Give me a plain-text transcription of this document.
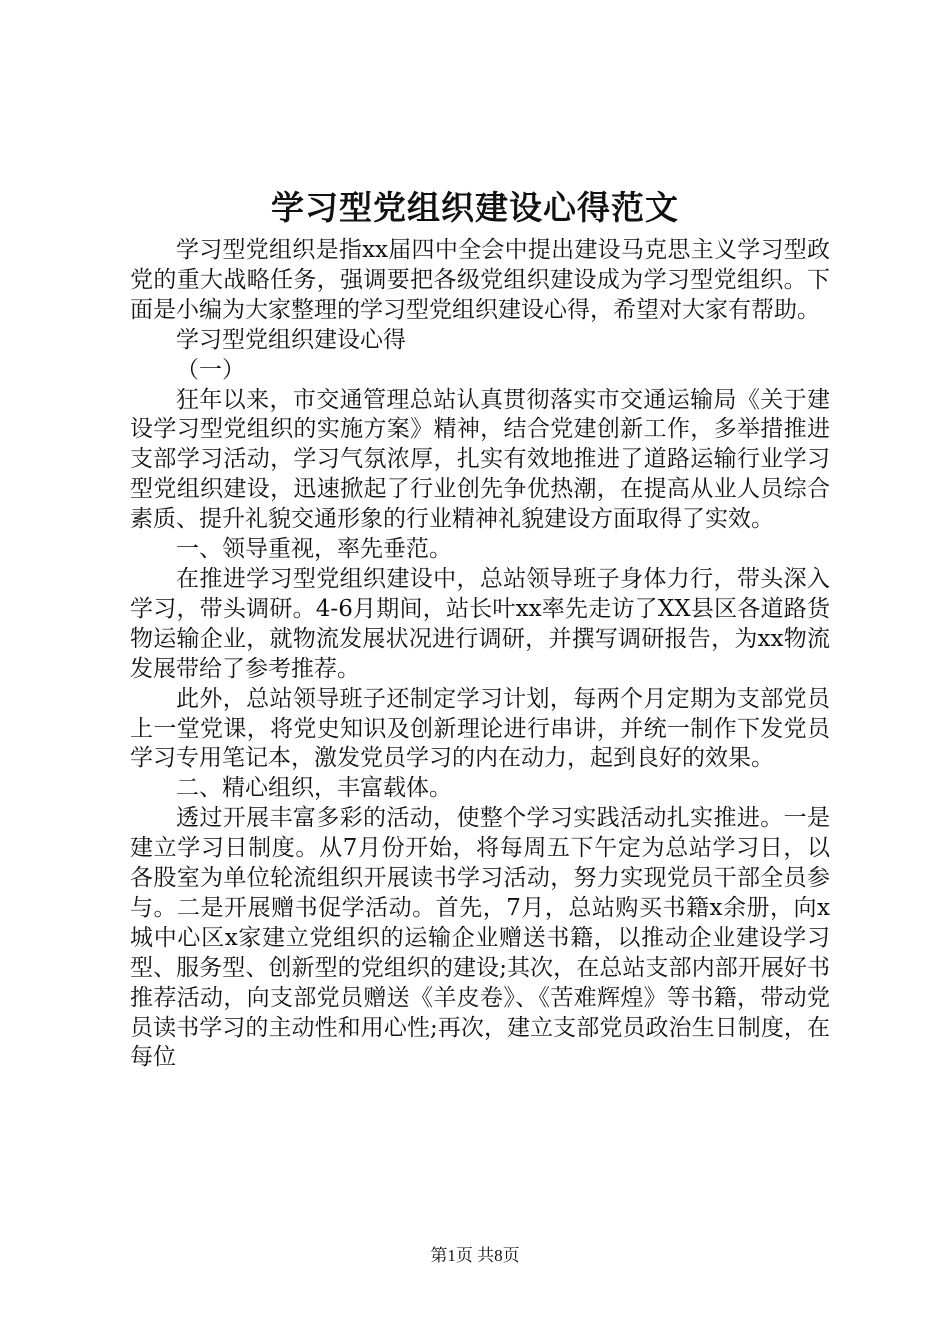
学习型党组织建设心得范文

学习型党组织是指xx届四中全会中提出建设马克思主义学习型政党的重大战略任务，强调要把各级党组织建设成为学习型党组织。下面是小编为大家整理的学习型党组织建设心得，希望对大家有帮助。

学习型党组织建设心得

（一）

狂年以来，市交通管理总站认真贯彻落实市交通运输局《关于建设学习型党组织的实施方案》精神，结合党建创新工作，多举措推进支部学习活动，学习气氛浓厚，扎实有效地推进了道路运输行业学习型党组织建设，迅速掀起了行业创先争优热潮，在提高从业人员综合素质、提升礼貌交通形象的行业精神礼貌建设方面取得了实效。

一、领导重视，率先垂范。

在推进学习型党组织建设中，总站领导班子身体力行，带头深入学习，带头调研。4-6月期间，站长叶xx率先走访了XX县区各道路货物运输企业，就物流发展状况进行调研，并撰写调研报告，为xx物流发展带给了参考推荐。

此外，总站领导班子还制定学习计划，每两个月定期为支部党员上一堂党课，将党史知识及创新理论进行串讲，并统一制作下发党员学习专用笔记本，激发党员学习的内在动力，起到良好的效果。

二、精心组织，丰富载体。

透过开展丰富多彩的活动，使整个学习实践活动扎实推进。一是建立学习日制度。从7月份开始，将每周五下午定为总站学习日，以各股室为单位轮流组织开展读书学习活动，努力实现党员干部全员参与。二是开展赠书促学活动。首先，7月，总站购买书籍x余册，向x城中心区x家建立党组织的运输企业赠送书籍，以推动企业建设学习型、服务型、创新型的党组织的建设;其次，在总站支部内部开展好书推荐活动，向支部党员赠送《羊皮卷》、《苦难辉煌》等书籍，带动党员读书学习的主动性和用心性;再次，建立支部党员政治生日制度，在每位

第1页 共8页
